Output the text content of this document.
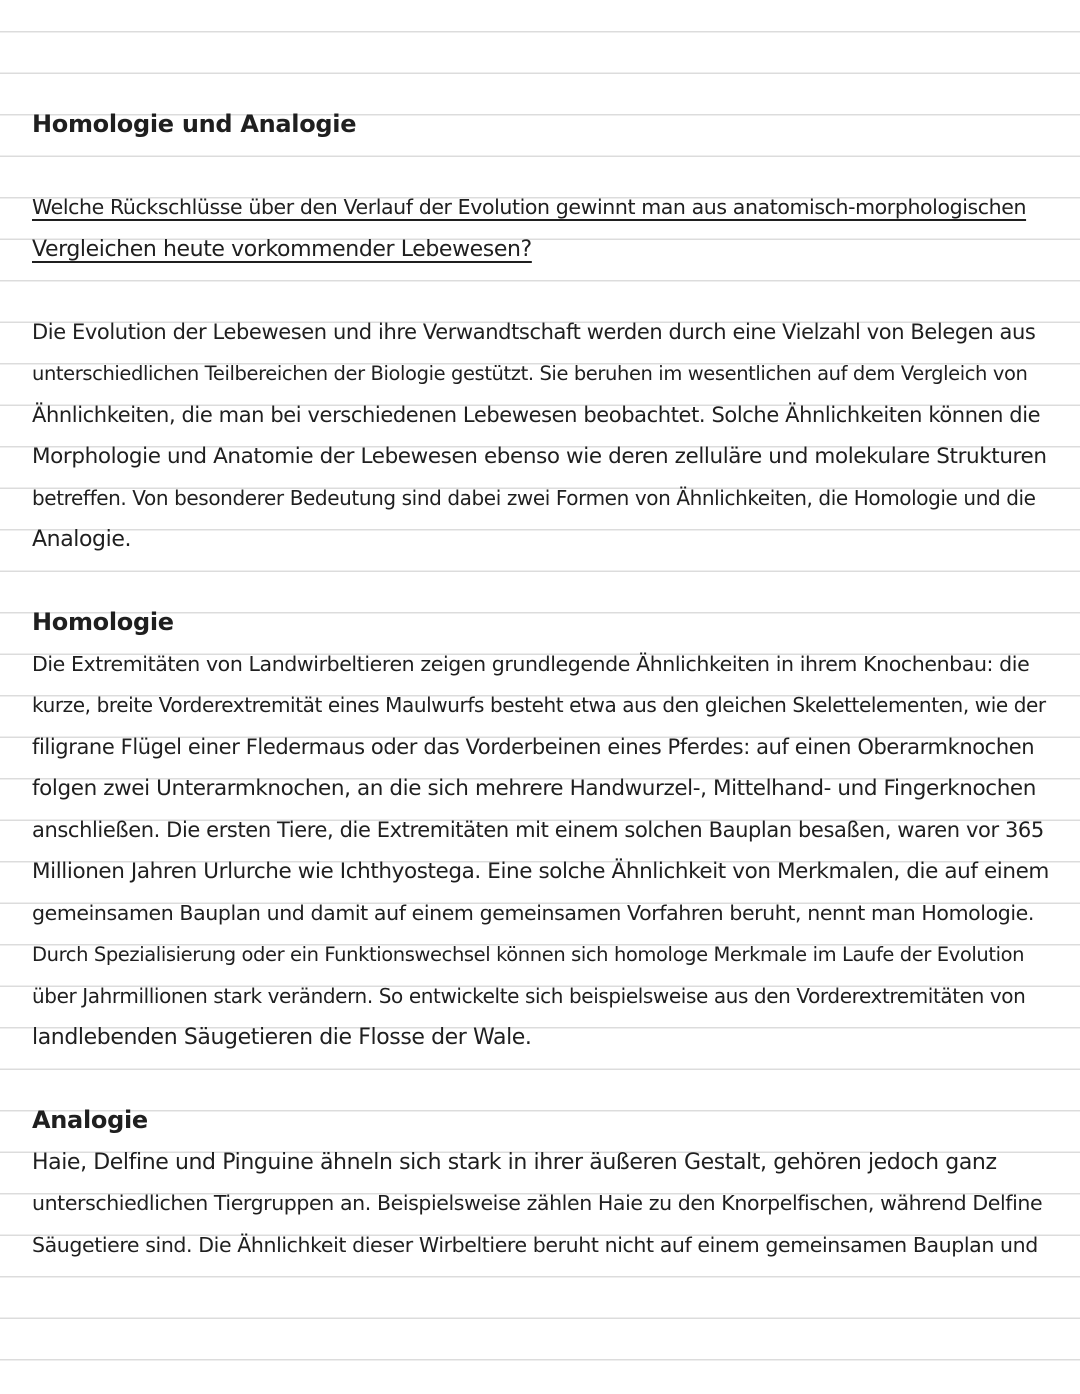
Homologie und Analogie
Welche Rückschlüsse über den Verlauf der Evolution gewinnt man aus anatomisch-morphologischen
Vergleichen heute vorkommender Lebewesen?
Die Evolution der Lebewesen und ihre Verwandtschaft werden durch eine Vielzahl von Belegen aus
unterschiedlichen Teilbereichen der Biologie gestützt. Sie beruhen im wesentlichen auf dem Vergleich von
Ähnlichkeiten, die man bei verschiedenen Lebewesen beobachtet. Solche Ähnlichkeiten können die
Morphologie und Anatomie der Lebewesen ebenso wie deren zelluläre und molekulare Strukturen
betreffen. Von besonderer Bedeutung sind dabei zwei Formen von Ähnlichkeiten, die Homologie und die
Analogie.
Homologie
Die Extremitäten von Landwirbeltieren zeigen grundlegende Ähnlichkeiten in ihrem Knochenbau: die
kurze, breite Vorderextremität eines Maulwurfs besteht etwa aus den gleichen Skelettelementen, wie der
filigrane Flügel einer Fledermaus oder das Vorderbeinen eines Pferdes: auf einen Oberarmknochen
folgen zwei Unterarmknochen, an die sich mehrere Handwurzel-, Mittelhand- und Fingerknochen
anschließen. Die ersten Tiere, die Extremitäten mit einem solchen Bauplan besaßen, waren vor 365
Millionen Jahren Urlurche wie Ichthyostega. Eine solche Ähnlichkeit von Merkmalen, die auf einem
gemeinsamen Bauplan und damit auf einem gemeinsamen Vorfahren beruht, nennt man Homologie.
Durch Spezialisierung oder ein Funktionswechsel können sich homologe Merkmale im Laufe der Evolution
über Jahrmillionen stark verändern. So entwickelte sich beispielsweise aus den Vorderextremitäten von
landlebenden Säugetieren die Flosse der Wale.
Analogie
Haie, Delfine und Pinguine ähneln sich stark in ihrer äußeren Gestalt, gehören jedoch ganz
unterschiedlichen Tiergruppen an. Beispielsweise zählen Haie zu den Knorpelfischen, während Delfine
Säugetiere sind. Die Ähnlichkeit dieser Wirbeltiere beruht nicht auf einem gemeinsamen Bauplan und
